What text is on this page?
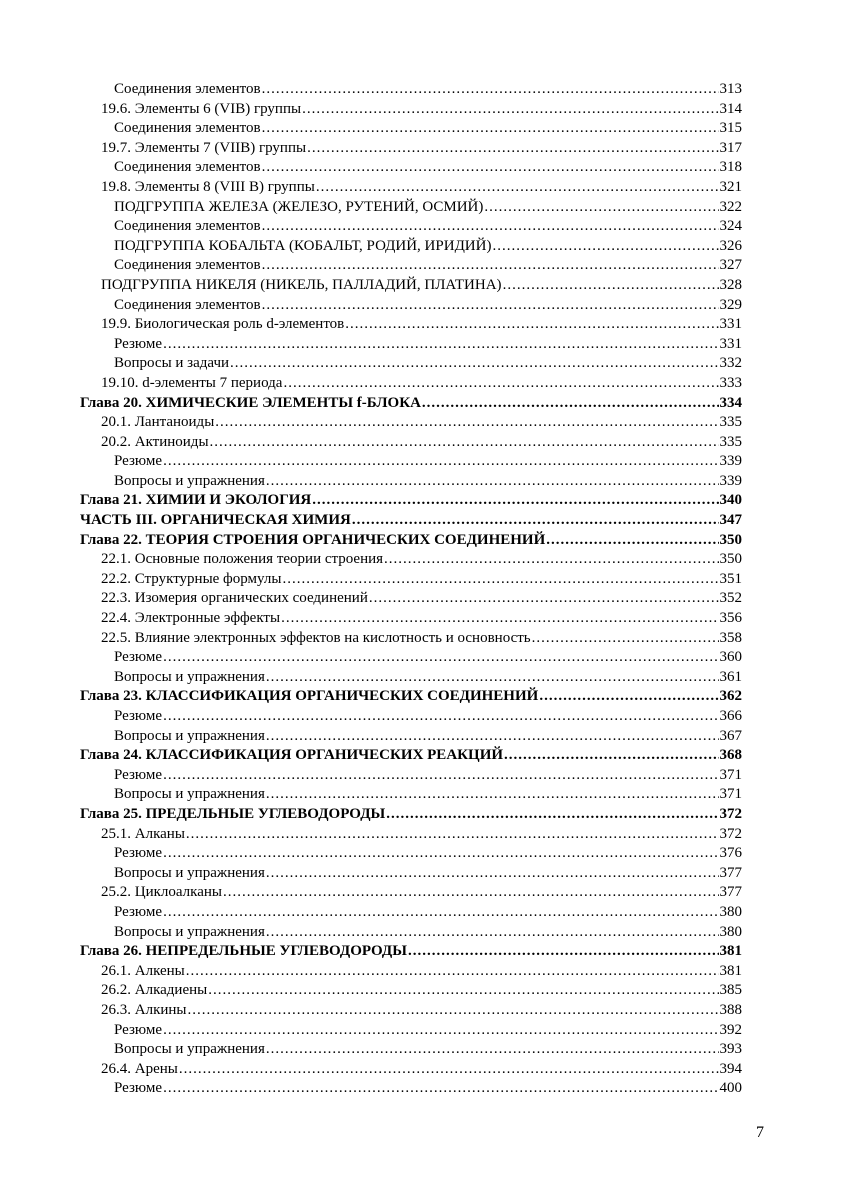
Соединения элементов .....	313
19.6. Элементы 6 (VIB) группы .....	314
Соединения элементов .....	315
19.7. Элементы 7 (VIIB) группы .....	317
Соединения элементов .....	318
19.8. Элементы 8 (VIII B) группы .....	321
ПОДГРУППА ЖЕЛЕЗА (ЖЕЛЕЗО, РУТЕНИЙ, ОСМИЙ) .....	322
Соединения элементов .....	324
ПОДГРУППА КОБАЛЬТА (КОБАЛЬТ, РОДИЙ, ИРИДИЙ) .....	326
Соединения элементов .....	327
ПОДГРУППА НИКЕЛЯ (НИКЕЛЬ, ПАЛЛАДИЙ, ПЛАТИНА) .....	328
Соединения элементов .....	329
19.9. Биологическая роль d-элементов .....	331
Резюме .....	331
Вопросы и задачи .....	332
19.10. d-элементы 7 периода .....	333
Глава 20. ХИМИЧЕСКИЕ ЭЛЕМЕНТЫ f-БЛОКА .....	334
20.1. Лантаноиды .....	335
20.2. Актиноиды .....	335
Резюме .....	339
Вопросы и упражнения .....	339
Глава 21. ХИМИИ И ЭКОЛОГИЯ .....	340
ЧАСТЬ III. ОРГАНИЧЕСКАЯ ХИМИЯ .....	347
Глава 22. ТЕОРИЯ СТРОЕНИЯ ОРГАНИЧЕСКИХ СОЕДИНЕНИЙ .....	350
22.1. Основные положения теории строения .....	350
22.2. Структурные формулы .....	351
22.3. Изомерия органических соединений .....	352
22.4. Электронные эффекты .....	356
22.5. Влияние электронных эффектов на кислотность и основность .....	358
Резюме .....	360
Вопросы и упражнения .....	361
Глава 23. КЛАССИФИКАЦИЯ ОРГАНИЧЕСКИХ СОЕДИНЕНИЙ .....	362
Резюме .....	366
Вопросы и упражнения .....	367
Глава 24. КЛАССИФИКАЦИЯ ОРГАНИЧЕСКИХ РЕАКЦИЙ .....	368
Резюме .....	371
Вопросы и упражнения .....	371
Глава 25. ПРЕДЕЛЬНЫЕ УГЛЕВОДОРОДЫ .....	372
25.1. Алканы .....	372
Резюме .....	376
Вопросы и упражнения .....	377
25.2. Циклоалканы .....	377
Резюме .....	380
Вопросы и упражнения .....	380
Глава 26. НЕПРЕДЕЛЬНЫЕ УГЛЕВОДОРОДЫ .....	381
26.1. Алкены .....	381
26.2. Алкадиены .....	385
26.3. Алкины .....	388
Резюме .....	392
Вопросы и упражнения .....	393
26.4. Арены .....	394
Резюме .....	400
7
